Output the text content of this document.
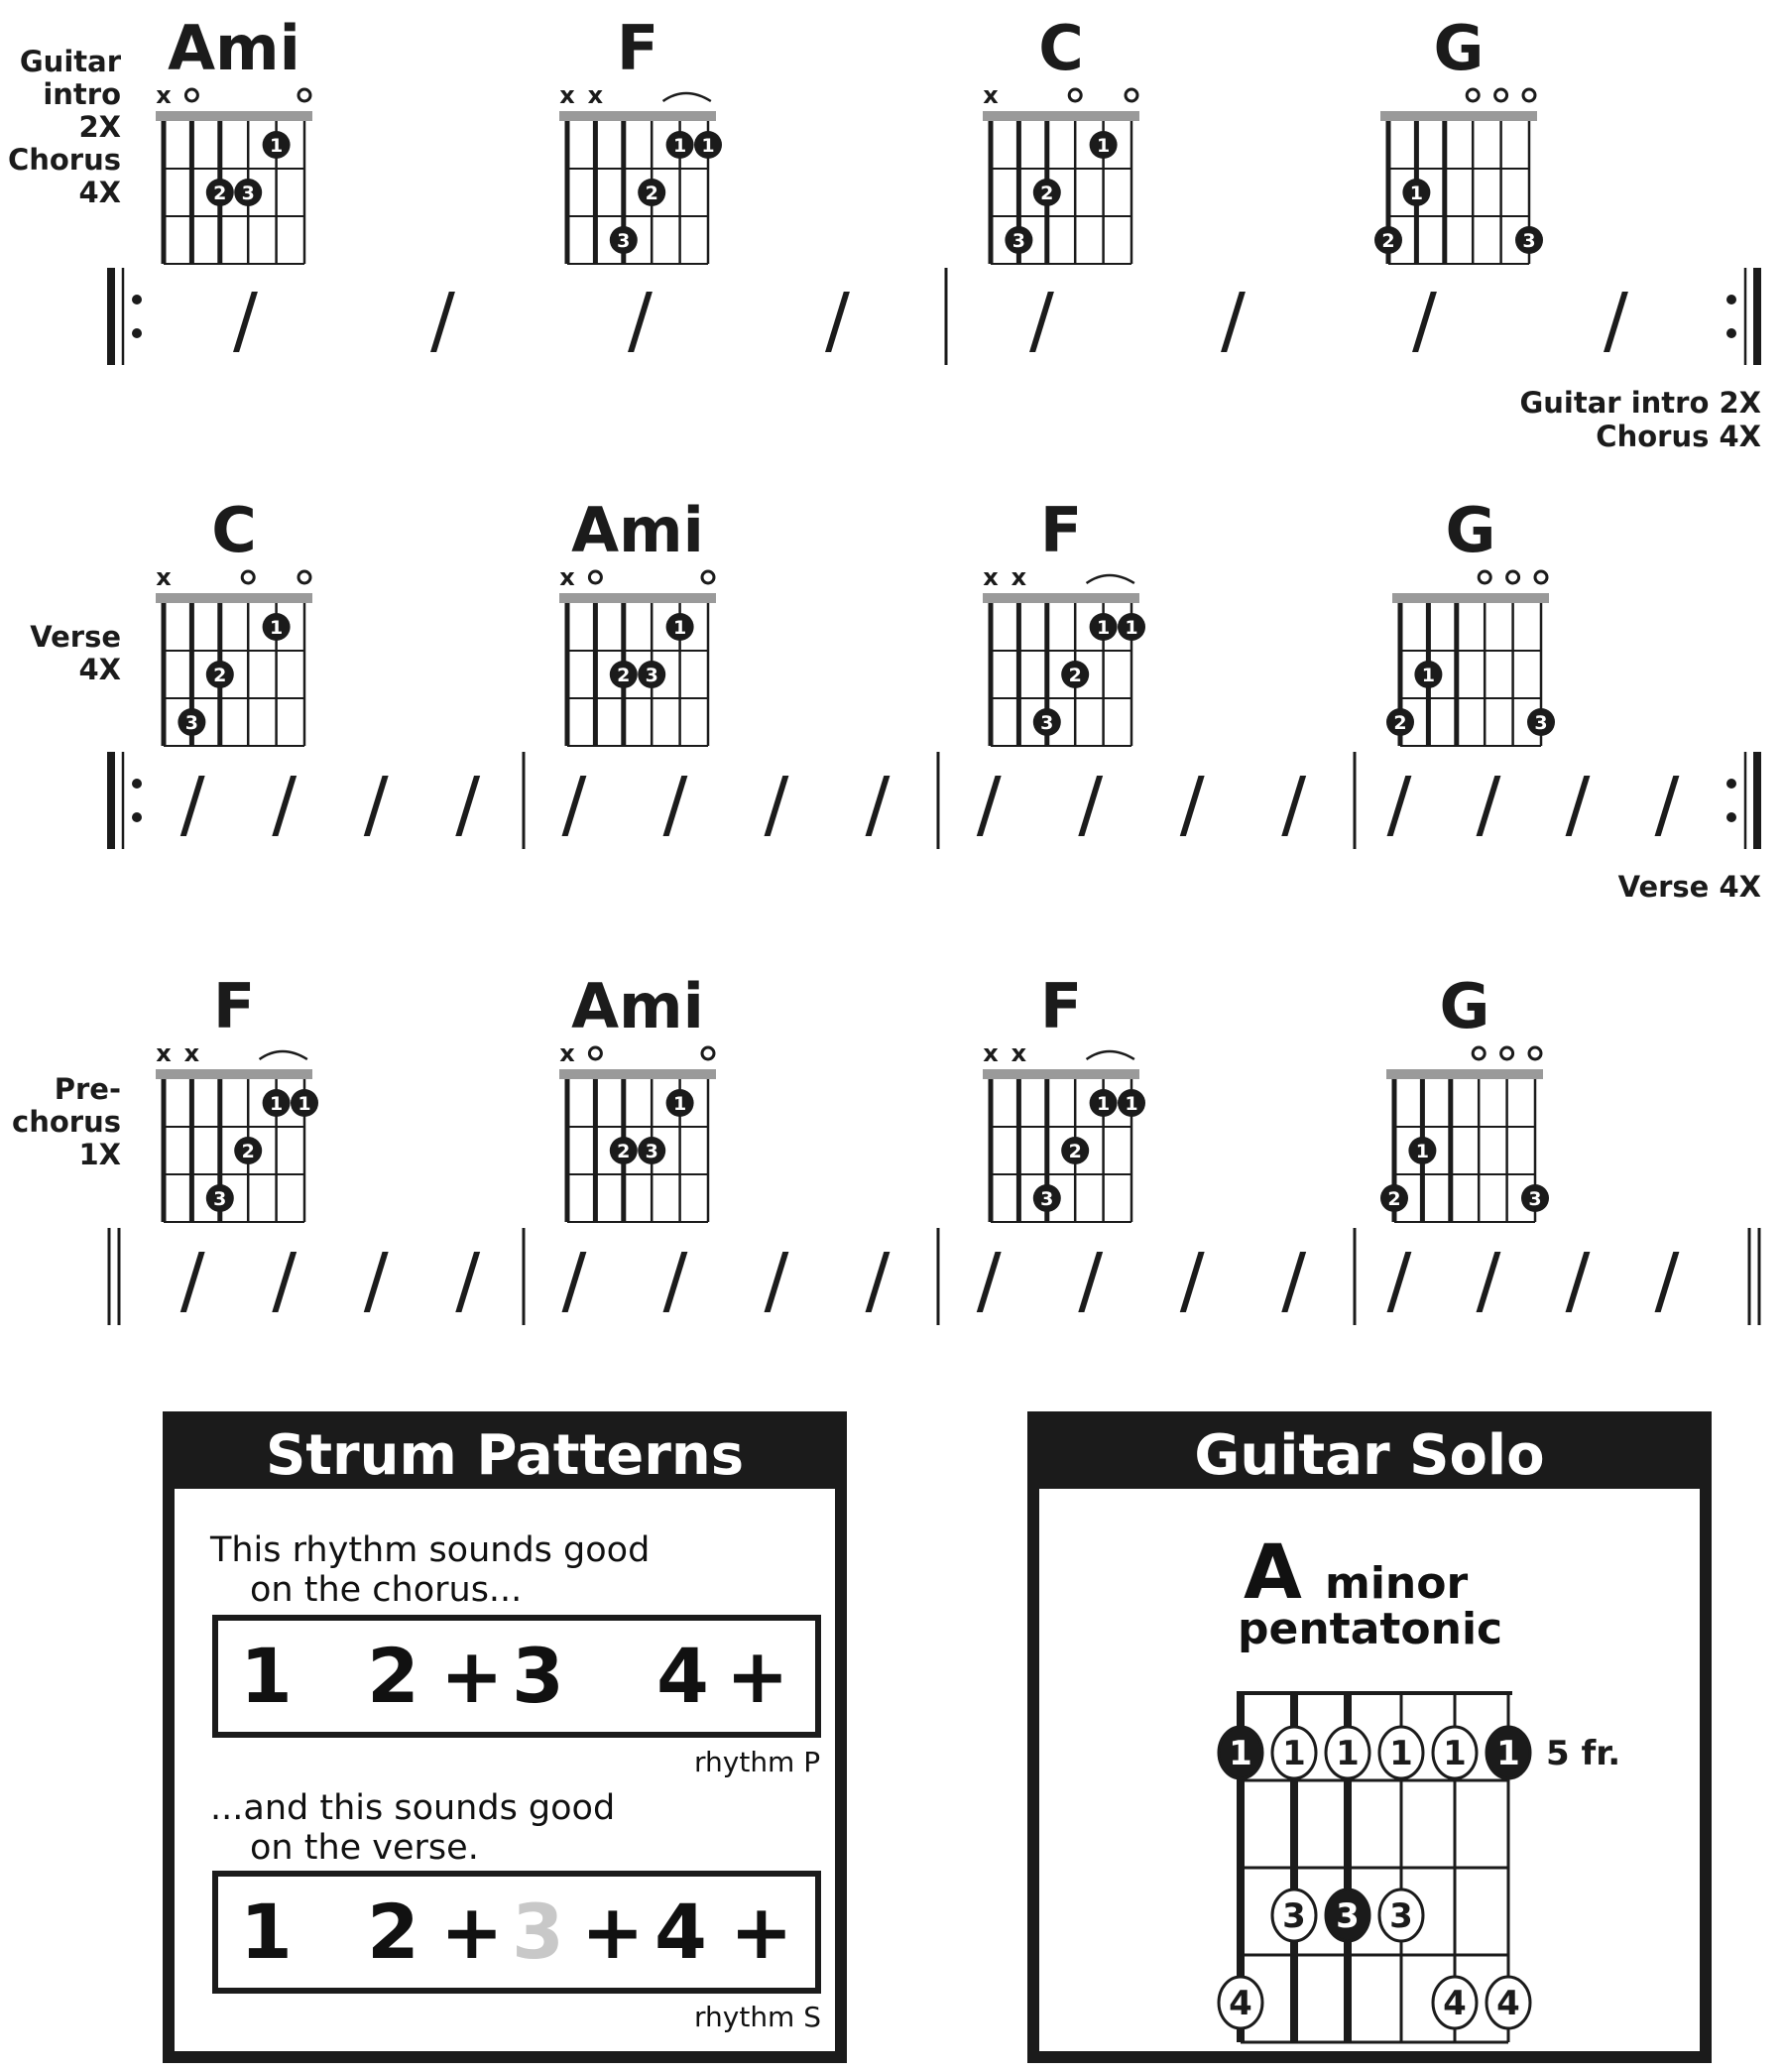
Guitar
intro
2X
Chorus
4X
Ami
x
1
2 3
F
x x
1 1
2
3
C
x
1
2
3
G
1
2	3
/ / / / / / / /
Guitar intro 2X
Chorus 4X
Verse
4X
C
x
1
2
3
Ami
x
1
2 3
F
x x
1 1
2
3
G
1
2	3
/ / / / / / / / / / / / / / / /
Verse 4X
Pre-
chorus
1X
F
x x
1 1
2
3
Ami
x
1
2 3
F
x x
1 1
2
3
G
1
2	3
/ / / / / / / / / / / / / / / /
Strum Patterns
This rhythm sounds good
on the chorus...
1 2 + 3 4 +
rhythm P
...and this sounds good
on the verse.
1 2 + 3 + 4 +
rhythm S
Guitar Solo
A minor
pentatonic
1 1 1 1 1 1
3 3 3
4	4 4
5 fr.
